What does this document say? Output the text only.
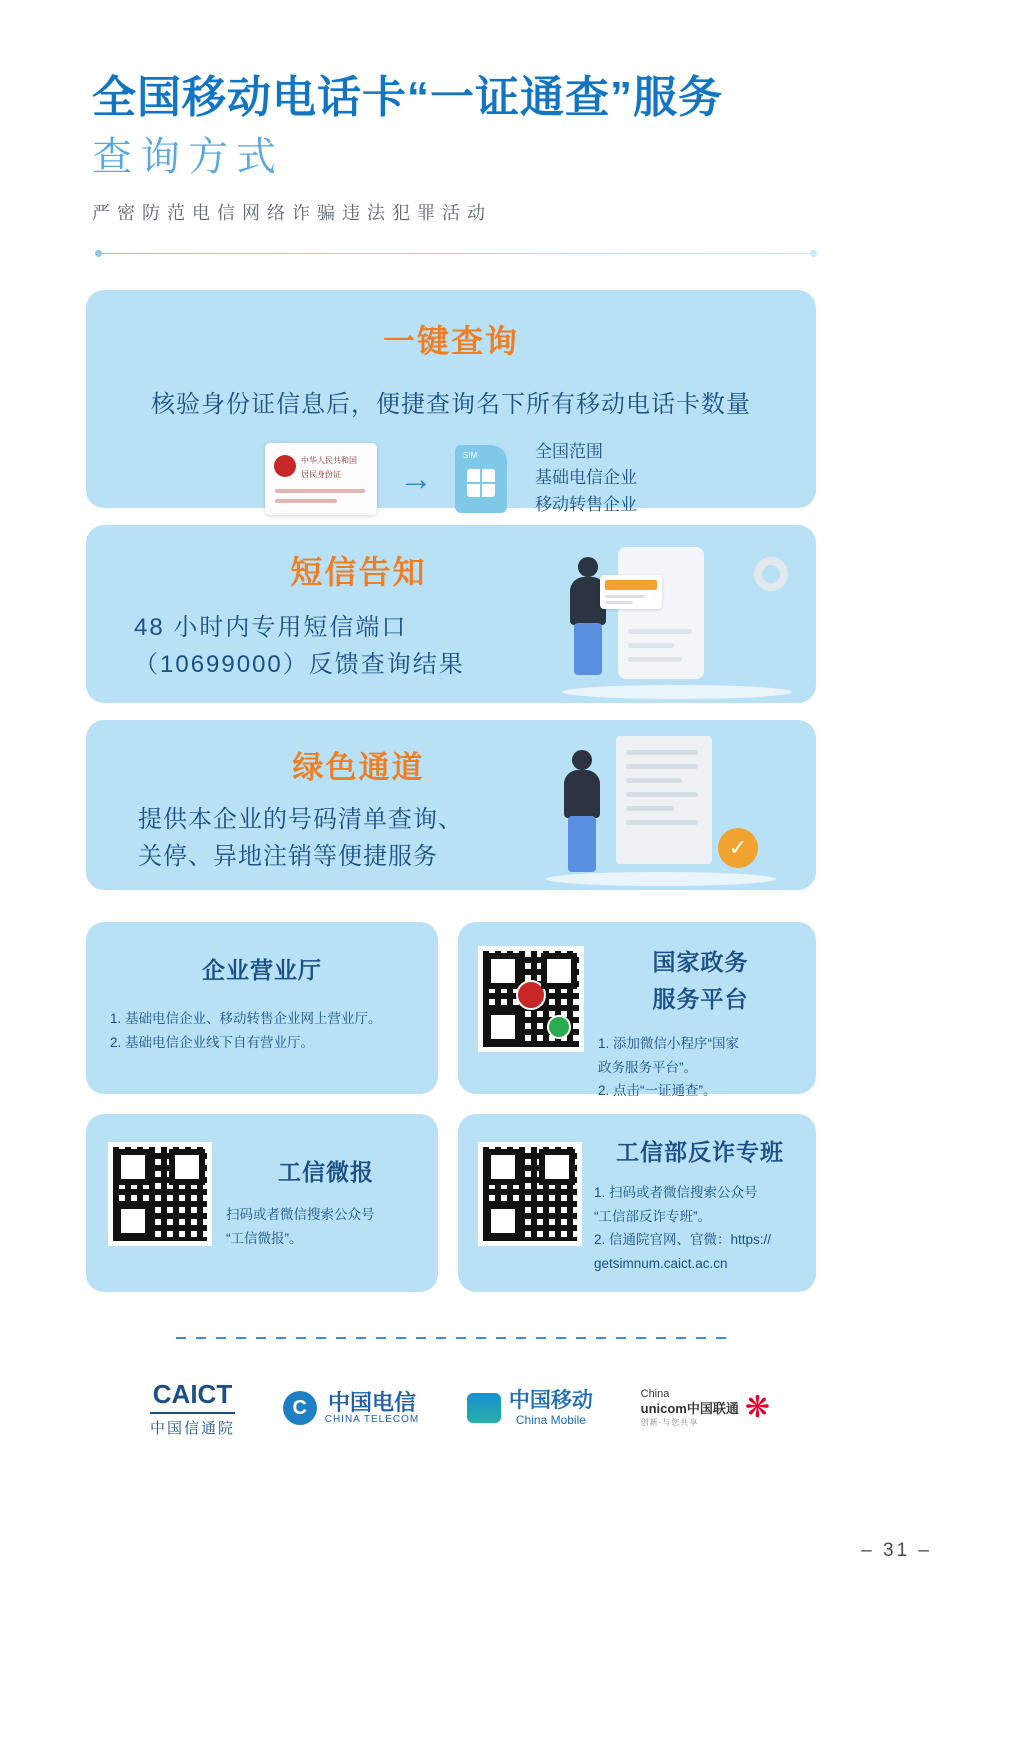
全国移动电话卡“一证通查”服务
查询方式
严密防范电信网络诈骗违法犯罪活动
一键查询
核验身份证信息后，便捷查询名下所有移动电话卡数量
中华人民共和国
居民身份证 →
SIM	全国范围
基础电信企业
移动转售企业
短信告知
48 小时内专用短信端口
（10699000）反馈查询结果
绿色通道
提供本企业的号码清单查询、
关停、异地注销等便捷服务	✓
企业营业厅
1. 基础电信企业、移动转售企业网上营业厅。
2. 基础电信企业线下自有营业厅。
国家政务
服务平台
1. 添加微信小程序“国家
政务服务平台”。
2. 点击“一证通查”。
工信微报
扫码或者微信搜索公众号
“工信微报”。
工信部反诈专班
1. 扫码或者微信搜索公众号
“工信部反诈专班”。
2. 信通院官网、官微：https://
getsimnum.caict.ac.cn
CAICT
中国信通院
C 中国电信
CHINA TELECOM
中国移动
China Mobile
China
unicom中国联通
创新·与您共享	❋
– 31 –
